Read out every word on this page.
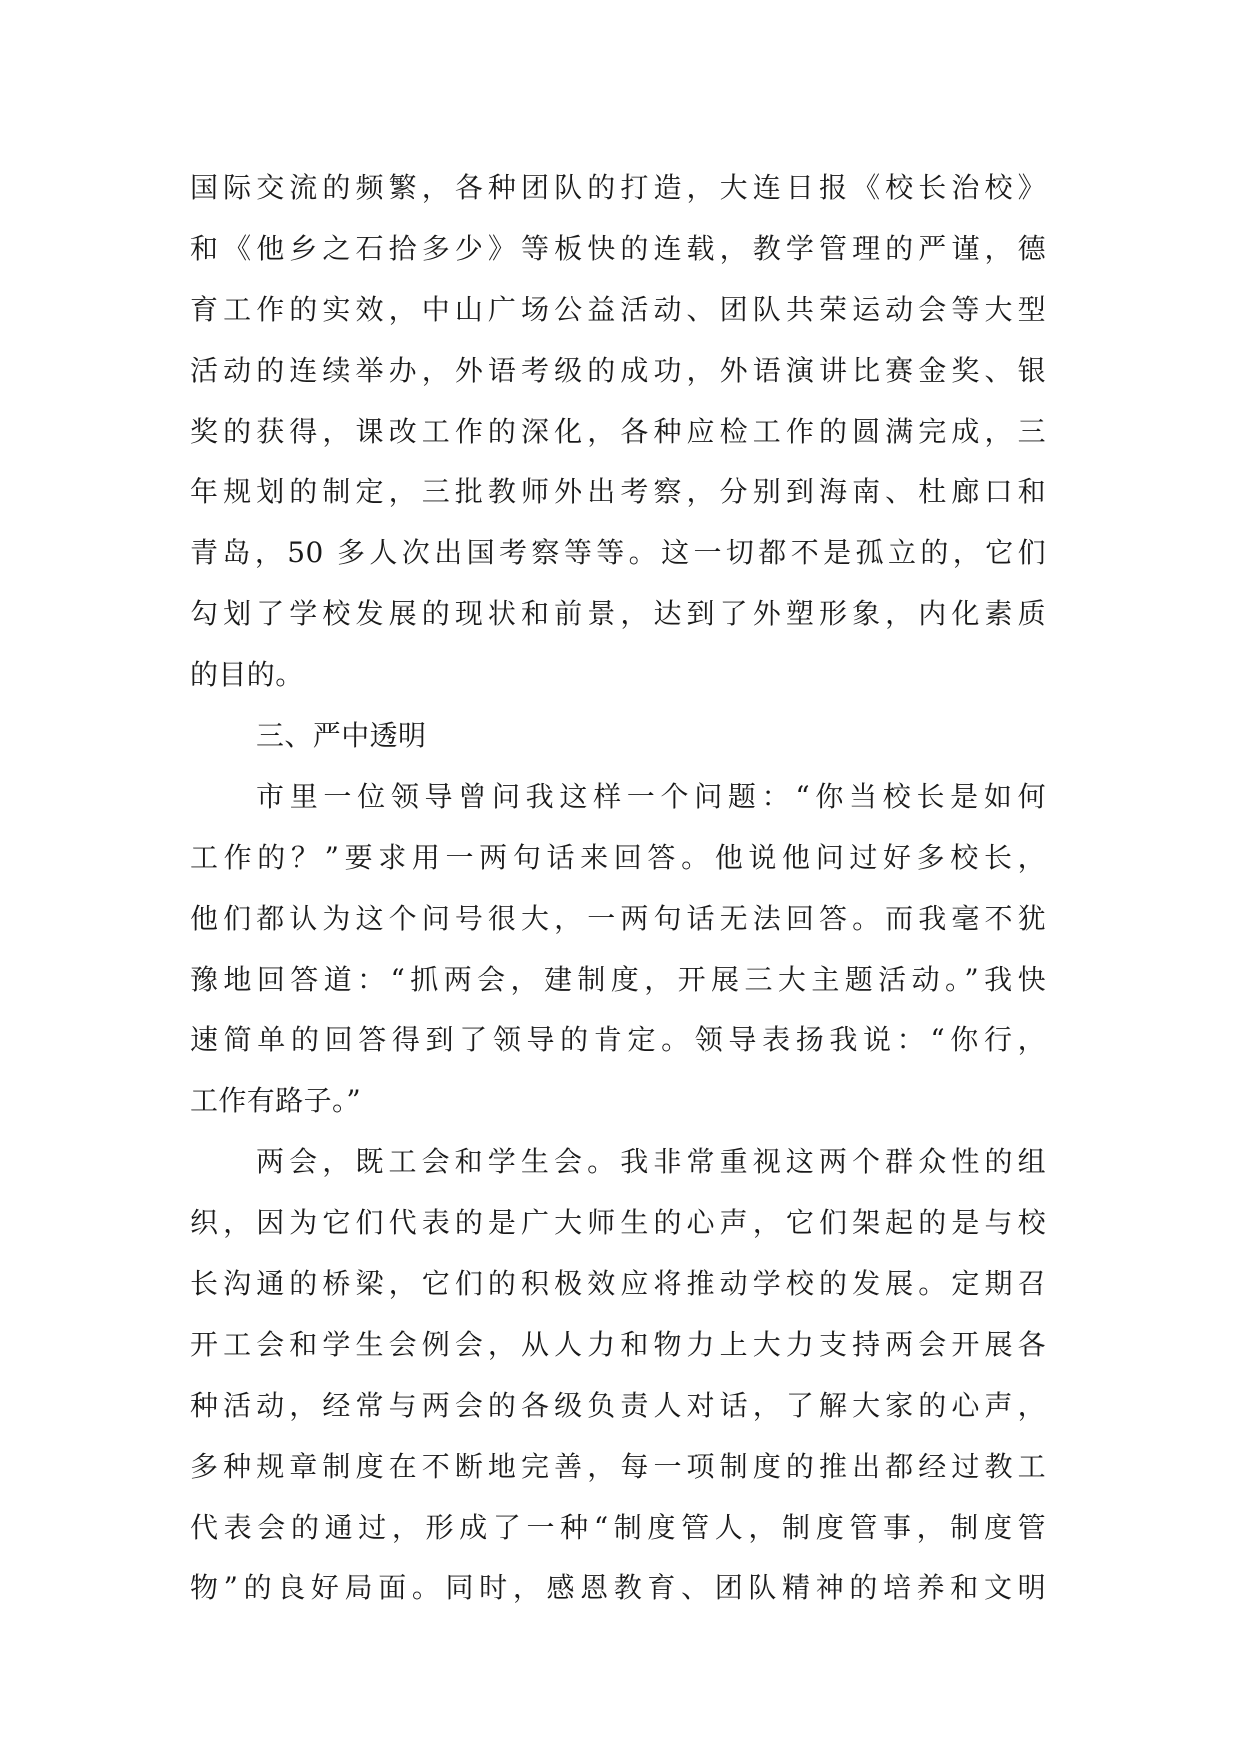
国际交流的频繁，各种团队的打造，大连日报《校长治校》
和《他乡之石拾多少》等板快的连载，教学管理的严谨，德
育工作的实效，中山广场公益活动、团队共荣运动会等大型
活动的连续举办，外语考级的成功，外语演讲比赛金奖、银
奖的获得，课改工作的深化，各种应检工作的圆满完成，三
年规划的制定，三批教师外出考察，分别到海南、杜廊口和
青岛，50 多人次出国考察等等。这一切都不是孤立的，它们
勾划了学校发展的现状和前景，达到了外塑形象，内化素质
的目的。
三、严中透明
市里一位领导曾问我这样一个问题：“你当校长是如何
工作的？”要求用一两句话来回答。他说他问过好多校长，
他们都认为这个问号很大，一两句话无法回答。而我毫不犹
豫地回答道：“抓两会，建制度，开展三大主题活动。”我快
速简单的回答得到了领导的肯定。领导表扬我说：“你行，
工作有路子。”
两会，既工会和学生会。我非常重视这两个群众性的组
织，因为它们代表的是广大师生的心声，它们架起的是与校
长沟通的桥梁，它们的积极效应将推动学校的发展。定期召
开工会和学生会例会，从人力和物力上大力支持两会开展各
种活动，经常与两会的各级负责人对话，了解大家的心声，
多种规章制度在不断地完善，每一项制度的推出都经过教工
代表会的通过，形成了一种“制度管人，制度管事，制度管
物”的良好局面。同时，感恩教育、团队精神的培养和文明
